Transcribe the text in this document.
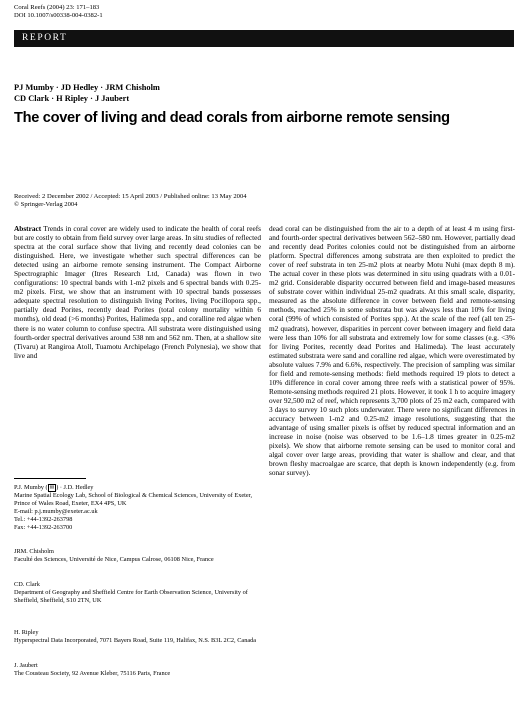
Coral Reefs (2004) 23: 171–183
DOI 10.1007/s00338-004-0382-1
REPORT
PJ Mumby · JD Hedley · JRM Chisholm
CD Clark · H Ripley · J Jaubert
The cover of living and dead corals from airborne remote sensing
Received: 2 December 2002 / Accepted: 15 April 2003 / Published online: 13 May 2004
© Springer-Verlag 2004
Abstract Trends in coral cover are widely used to indicate the health of coral reefs but are costly to obtain from field survey over large areas. In situ studies of reflected spectra at the coral surface show that living and recently dead colonies can be distinguished. Here, we investigate whether such spectral differences can be detected using an airborne remote sensing instrument. The Compact Airborne Spectrographic Imager (Itres Research Ltd, Canada) was flown in two configurations: 10 spectral bands with 1-m2 pixels and 6 spectral bands with 0.25-m2 pixels. First, we show that an instrument with 10 spectral bands possesses adequate spectral resolution to distinguish living Porites, living Pocillopora spp., partially dead Porites, recently dead Porites (total colony mortality within 6 months), old dead (>6 months) Porites, Halimeda spp., and coralline red algae when there is no water column to confuse spectra. All substrata were distinguished using fourth-order spectral derivatives around 538 nm and 562 nm. Then, at a shallow site (Tivaru) at Rangiroa Atoll, Tuamotu Archipelago (French Polynesia), we show that live and
dead coral can be distinguished from the air to a depth of at least 4 m using first- and fourth-order spectral derivatives between 562–580 nm. However, partially dead and recently dead Porites colonies could not be distinguished from an airborne platform. Spectral differences among substrata are then exploited to predict the cover of reef substrata in ten 25-m2 plots at nearby Motu Nuhi (max depth 8 m). The actual cover in these plots was determined in situ using quadrats with a 0.01-m2 grid. Considerable disparity occurred between field and image-based measures of substrate cover within individual 25-m2 quadrats. At this small scale, disparity, measured as the absolute difference in cover between field and remote-sensing methods, reached 25% in some substrata but was always less than 10% for living coral (99% of which consisted of Porites spp.). At the scale of the reef (all ten 25-m2 quadrats), however, disparities in percent cover between imagery and field data were less than 10% for all substrata and extremely low for some classes (e.g. <3% for living Porites, recently dead Porites and Halimeda). The least accurately estimated substrata were sand and coralline red algae, which were overestimated by absolute values 7.9% and 6.6%, respectively. The precision of sampling was similar for field and remote-sensing methods: field methods required 19 plots to detect a 10% difference in coral cover among three reefs with a statistical power of 95%. Remote-sensing methods required 21 plots. However, it took 1 h to acquire imagery over 92,500 m2 of reef, which represents 3,700 plots of 25 m2 each, compared with 3 days to survey 10 such plots underwater. There were no significant differences in accuracy between 1-m2 and 0.25-m2 image resolutions, suggesting that the advantage of using smaller pixels is offset by reduced spectral information and an increase in noise (noise was observed to be 1.6–1.8 times greater in 0.25-m2 pixels). We show that airborne remote sensing can be used to monitor coral and algal cover over large areas, providing that water is shallow and clear, and that brown fleshy macroalgae are scarce, that depth is known independently (e.g. from sonar survey).
P.J. Mumby ( ✉ ) · J.D. Hedley
Marine Spatial Ecology Lab, School of Biological & Chemical Sciences, University of Exeter, Prince of Wales Road, Exeter, EX4 4PS, UK
E-mail: p.j.mumby@exeter.ac.uk
Tel.: +44-1392-263798
Fax: +44-1392-263700
JRM. Chisholm
Faculté des Sciences, Université de Nice, Campus Calrose, 06108 Nice, France
CD. Clark
Department of Geography and Sheffield Centre for Earth Observation Science, University of Sheffield, Sheffield, S10 2TN, UK
H. Ripley
Hyperspectral Data Incorporated, 7071 Bayers Road, Suite 119, Halifax, N.S. B3L 2C2, Canada
J. Jaubert
The Cousteau Society, 92 Avenue Kleber, 75116 Paris, France
